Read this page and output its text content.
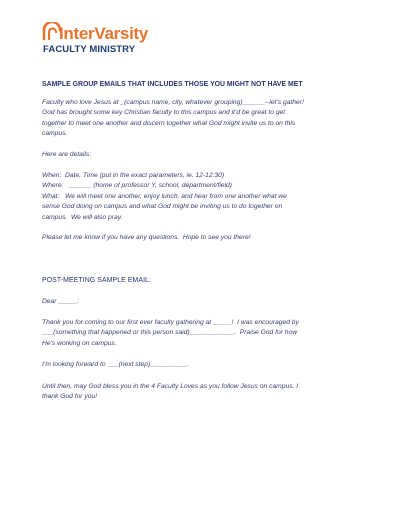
InterVarsity
FACULTY MINISTRY
SAMPLE GROUP EMAILS THAT INCLUDES THOSE YOU MIGHT NOT HAVE MET

Faculty who love Jesus at _(campus name, city, whatever grouping)______--let’s gather!
God has brought some key Christian faculty to this campus and it’d be great to get
together to meet one another and discern together what God might invite us to on this
campus.

Here are details:

When:  Date, Time (put in the exact parameters, ie. 12-12:30)
Where:   ______ (home of professor Y, school, department/field)
What:   We will meet one another, enjoy lunch, and hear from one another what we
sense God doing on campus and what God might be inviting us to do together on
campus.  We will also pray.

Please let me know if you have any questions.  Hope to see you there!

POST-MEETING SAMPLE EMAIL:

Dear _____:

Thank you for coming to our first ever faculty gathering at _____!  I was encouraged by
___(something that happened or this person said)____________.  Praise God for how
He’s working on campus.

I’m looking forward to ___(next step)__________.

Until then, may God bless you in the 4 Faculty Loves as you follow Jesus on campus. I
thank God for you!
